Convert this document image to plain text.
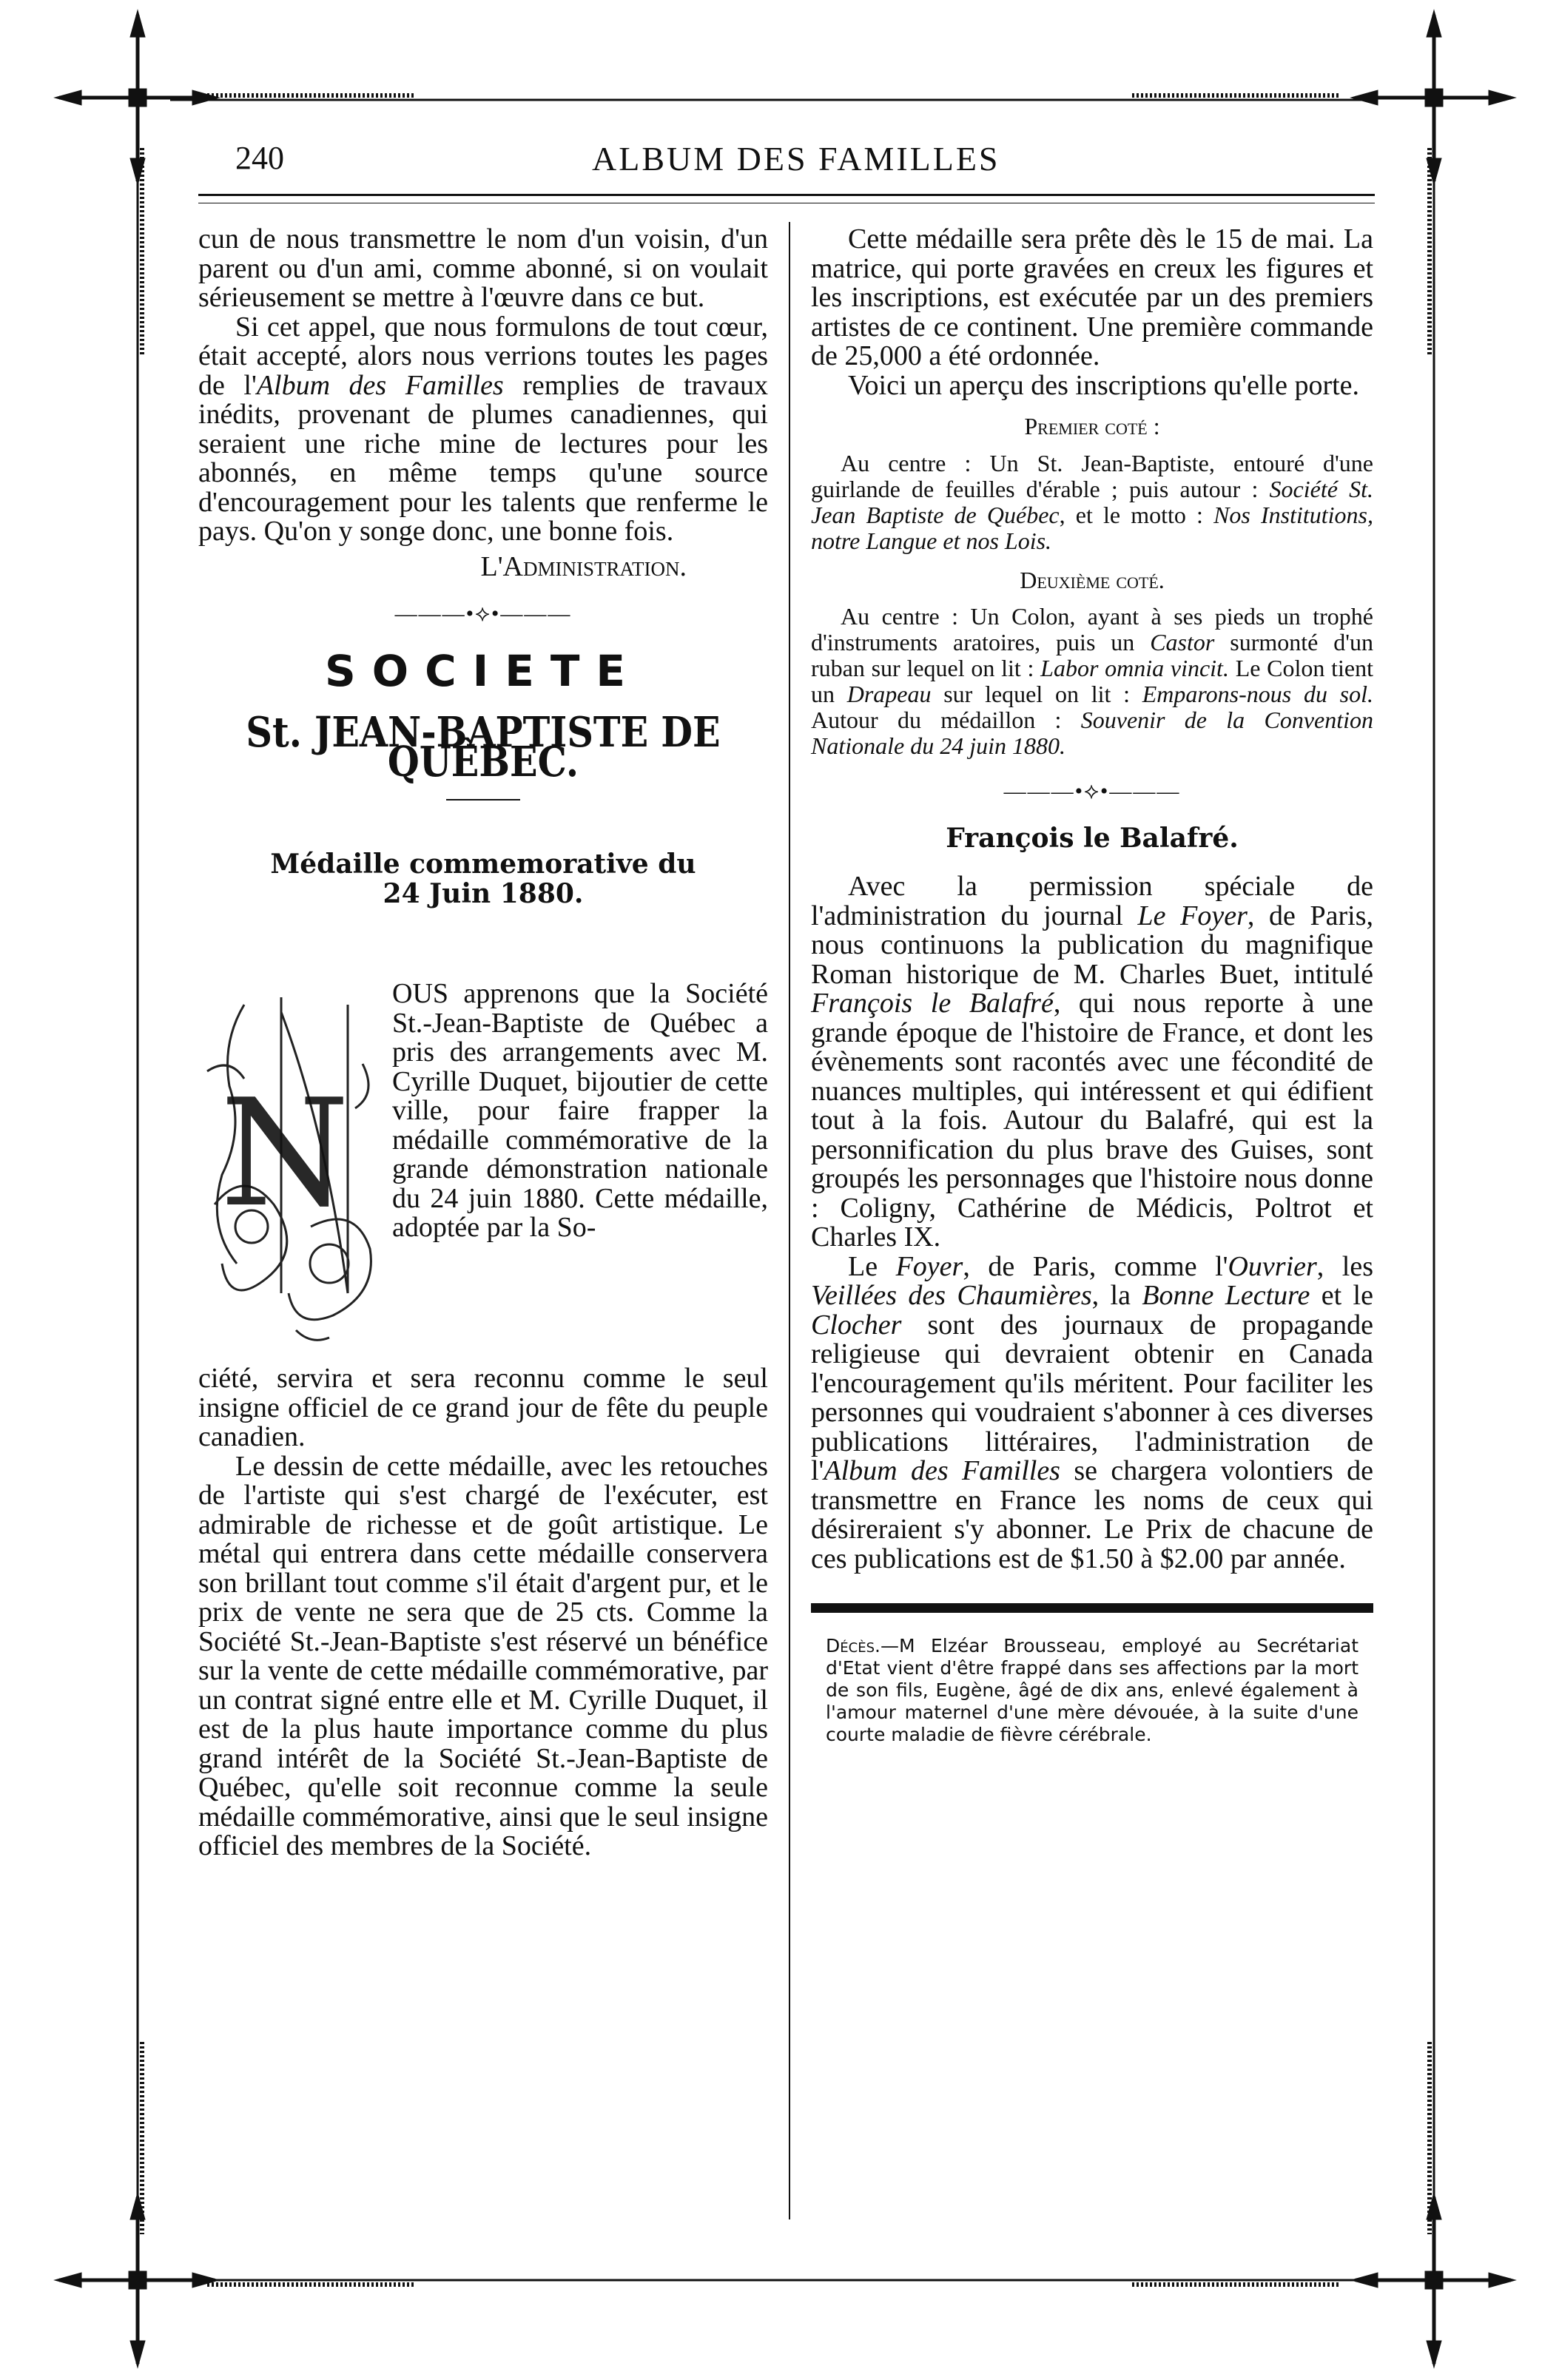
240	ALBUM DES FAMILLES

cun de nous transmettre le nom d'un voisin, d'un parent ou d'un ami, comme abonné, si on voulait sérieusement se mettre à l'œuvre dans ce but.

Si cet appel, que nous formulons de tout cœur, était accepté, alors nous verrions toutes les pages de l'Album des Familles remplies de travaux inédits, provenant de plumes canadiennes, qui seraient une riche mine de lectures pour les abonnés, en même temps qu'une source d'encouragement pour les talents que renferme le pays. Qu'on y songe donc, une bonne fois.

L'Administration.

———•⟡•———
SOCIETE
St. JEAN-BAPTISTE DE QUÊBEC.
Médaille commemorative du
24 Juin 1880.
N
OUS apprenons que la Société St.-Jean-Baptiste de Québec a pris des arrangements avec M. Cyrille Duquet, bijoutier de cette ville, pour faire frapper la médaille commémorative de la grande démonstration nationale du 24 juin 1880. Cette médaille, adoptée par la So-

ciété, servira et sera reconnu comme le seul insigne officiel de ce grand jour de fête du peuple canadien.

Le dessin de cette médaille, avec les retouches de l'artiste qui s'est chargé de l'exécuter, est admirable de richesse et de goût artistique. Le métal qui entrera dans cette médaille conservera son brillant tout comme s'il était d'argent pur, et le prix de vente ne sera que de 25 cts. Comme la Société St.-Jean-Baptiste s'est réservé un bénéfice sur la vente de cette médaille commémorative, par un contrat signé entre elle et M. Cyrille Duquet, il est de la plus haute importance comme du plus grand intérêt de la Société St.-Jean-Baptiste de Québec, qu'elle soit reconnue comme la seule médaille commémorative, ainsi que le seul insigne officiel des membres de la Société.

Cette médaille sera prête dès le 15 de mai. La matrice, qui porte gravées en creux les figures et les inscriptions, est exécutée par un des premiers artistes de ce continent. Une première commande de 25,000 a été ordonnée.

Voici un aperçu des inscriptions qu'elle porte.

Premier coté :

Au centre : Un St. Jean-Baptiste, entouré d'une guirlande de feuilles d'érable ; puis autour : Société St. Jean Baptiste de Québec, et le motto : Nos Institutions, notre Langue et nos Lois.

Deuxième coté.

Au centre : Un Colon, ayant à ses pieds un trophé d'instruments aratoires, puis un Castor surmonté d'un ruban sur lequel on lit : Labor omnia vincit. Le Colon tient un Drapeau sur lequel on lit : Emparons-nous du sol. Autour du médaillon : Souvenir de la Convention Nationale du 24 juin 1880.

———•⟡•———
François le Balafré.

Avec la permission spéciale de l'administration du journal Le Foyer, de Paris, nous continuons la publication du magnifique Roman historique de M. Charles Buet, intitulé François le Balafré, qui nous reporte à une grande époque de l'histoire de France, et dont les évènements sont racontés avec une fécondité de nuances multiples, qui intéressent et qui édifient tout à la fois. Autour du Balafré, qui est la personnification du plus brave des Guises, sont groupés les personnages que l'histoire nous donne : Coligny, Cathérine de Médicis, Poltrot et Charles IX.

Le Foyer, de Paris, comme l'Ouvrier, les Veillées des Chaumières, la Bonne Lecture et le Clocher sont des journaux de propagande religieuse qui devraient obtenir en Canada l'encouragement qu'ils méritent. Pour faciliter les personnes qui voudraient s'abonner à ces diverses publications littéraires, l'administration de l'Album des Familles se chargera volontiers de transmettre en France les noms de ceux qui désireraient s'y abonner. Le Prix de chacune de ces publications est de $1.50 à $2.00 par année.

Décès.—M Elzéar Brousseau, employé au Secrétariat d'Etat vient d'être frappé dans ses affections par la mort de son fils, Eugène, âgé de dix ans, enlevé également à l'amour maternel d'une mère dévouée, à la suite d'une courte maladie de fièvre cérébrale.
